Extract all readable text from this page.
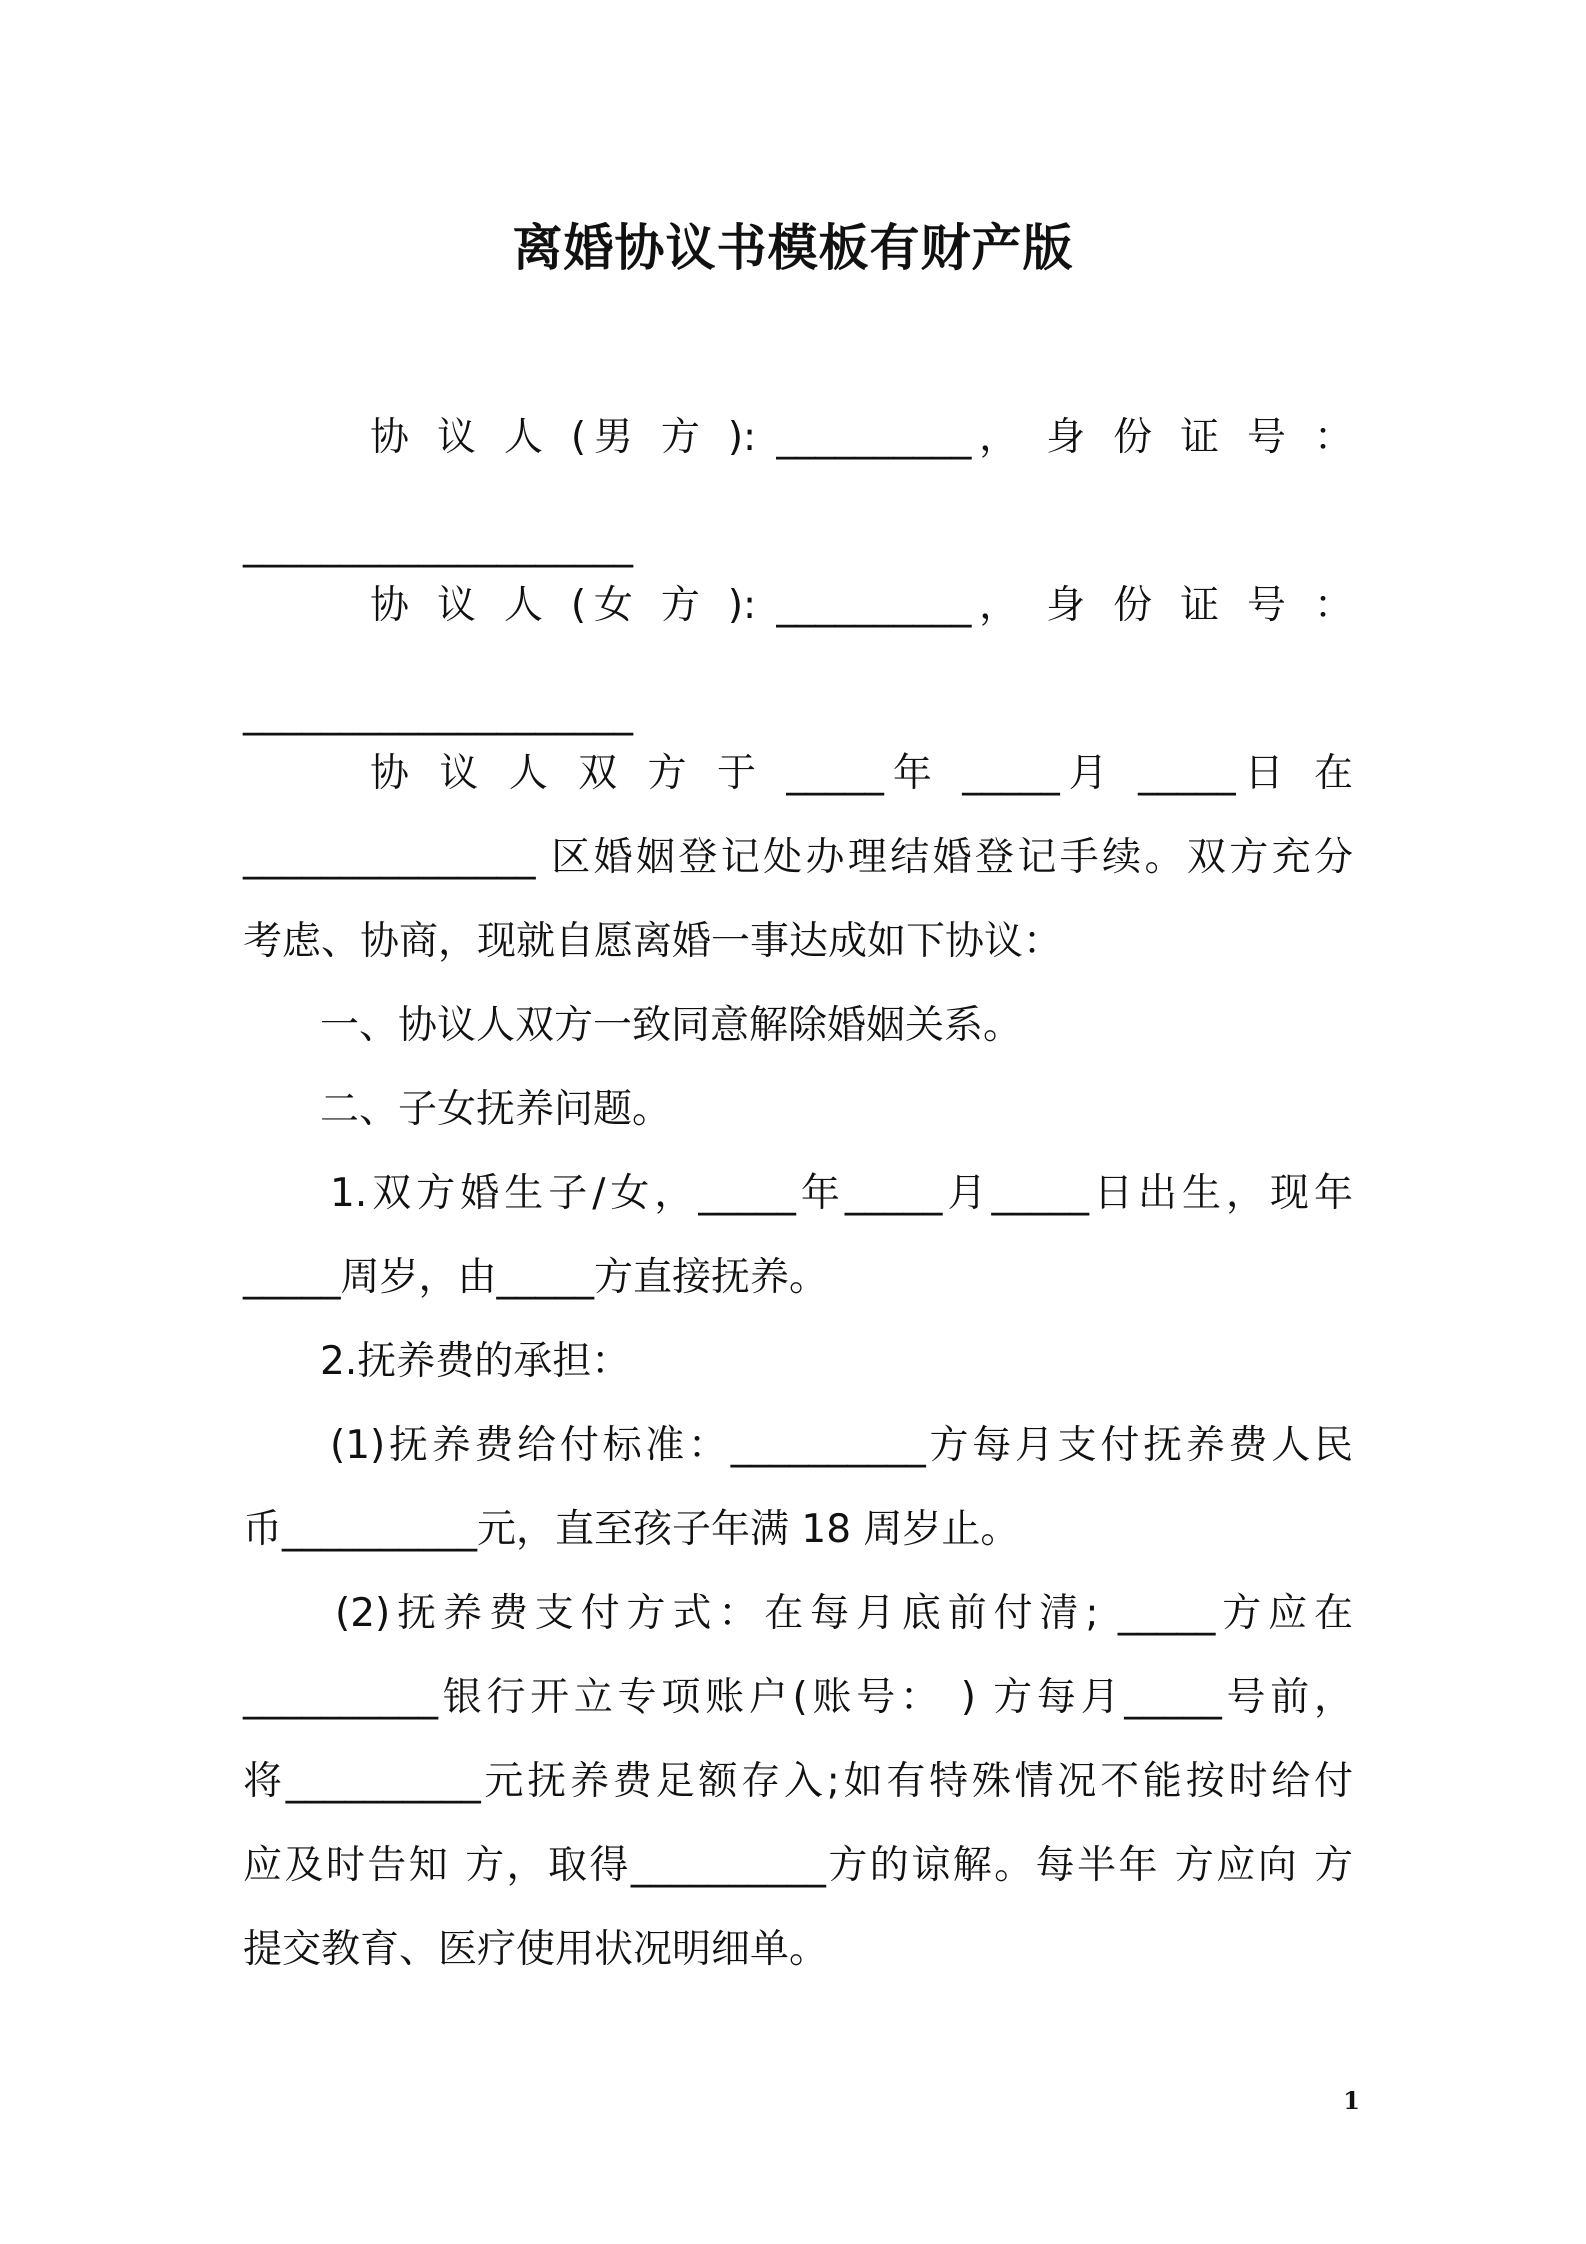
离婚协议书模板有财产版
协 议 人 (男 方 ): __________， 身 份 证 号 ：
____________________
协 议 人 (女 方 ): __________， 身 份 证 号 ：
____________________
协 议 人 双 方 于 _____年 _____月 _____日 在
_______________ 区婚姻登记处办理结婚登记手续。双方充分
考虑、协商，现就自愿离婚一事达成如下协议：
一、协议人双方一致同意解除婚姻关系。
二、子女抚养问题。
1.双方婚生子/女，_____年_____月_____日出生，现年
_____周岁，由_____方直接抚养。
2.抚养费的承担：
(1)抚养费给付标准：__________方每月支付抚养费人民
币__________元，直至孩子年满 18 周岁止。
(2)抚养费支付方式：在每月底前付清; _____方应在
__________银行开立专项账户(账号： ) 方每月_____号前，
将__________元抚养费足额存入;如有特殊情况不能按时给付
应及时告知 方，取得__________方的谅解。每半年 方应向 方
提交教育、医疗使用状况明细单。
1
